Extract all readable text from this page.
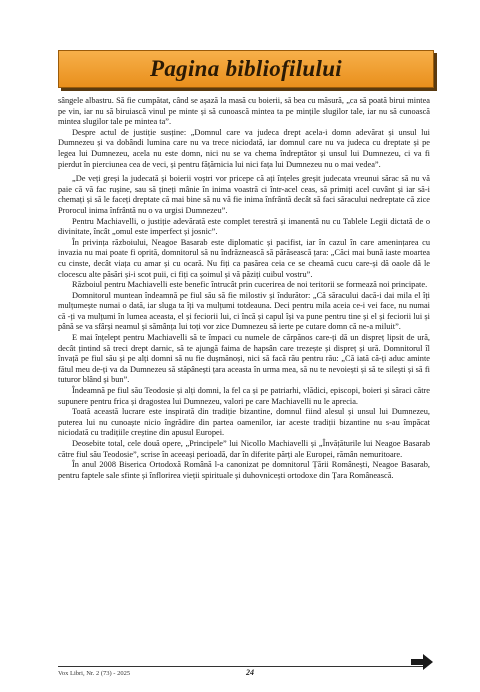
Pagina bibliofilului

sângele albastru. Să fie cumpătat, când se așază la masă cu boierii, să bea cu măsură, „ca să poată birui mintea pe vin, iar nu să biruiască vinul pe minte și să cunoască mintea ta pe mințile slugilor tale, iar nu să cunoască mintea slugilor tale pe mintea ta”.

Despre actul de justiție susține: „Domnul care va judeca drept acela-i domn adevărat și unsul lui Dumnezeu și va dobândi lumina care nu va trece niciodată, iar domnul care nu va judeca cu dreptate și pe legea lui Dumnezeu, acela nu este domn, nici nu se va chema îndreptător și unsul lui Dumnezeu, ci va fi pierdut în pierciunea cea de veci, și pentru fățărnicia lui nici fața lui Dumnezeu nu o mai vedea”.

„De veți greși la judecată și boierii voștri vor pricepe că ați înțeles greșit judecata vreunui sărac să nu vă paie că vă fac rușine, sau să țineți mânie în inima voastră ci într-acel ceas, să primiți acel cuvânt și iar să-i chemați și să le faceți dreptate că mai bine să nu vă fie inima înfrântă decât să faci săracului nedreptate că zice Prorocul inima înfrântă nu o va urgisi Dumnezeu”.

Pentru Machiavelli, o justiție adevărată este complet terestră și imanentă nu cu Tablele Legii dictată de o divinitate, încât „omul este imperfect și josnic”.

În privința războiului, Neagoe Basarab este diplomatic și pacifist, iar în cazul în care amenințarea cu invazia nu mai poate fi oprită, domnitorul să nu îndrăznească să părăsească țara: „Căci mai bună iaste moartea cu cinste, decât viața cu amar și cu ocară. Nu fiți ca pasărea ceia ce se cheamă cucu care-și dă oaole dă le clocescu alte păsări și-i scot puii, ci fiți ca șoimul și vă păziți cuibul vostru”.

Războiul pentru Machiavelli este benefic întrucât prin cucerirea de noi teritorii se formează noi principate.

Domnitorul muntean îndeamnă pe fiul său să fie milostiv și îndurător: „Că săracului dacă-i dai mila el îți mulțumește numai o dată, iar sluga ta îți va mulțumi totdeauna. Deci pentru mila aceia ce-i vei face, nu numai că -ți va mulțumi în lumea aceasta, el și feciorii lui, ci încă și capul își va pune pentru tine și el și feciorii lui și până se va sfârși neamul și sămânța lui toți vor zice Dumnezeu să ierte pe cutare domn că ne-a miluit”.

E mai înțelept pentru Machiavelli să te împaci cu numele de cărpănos care-ți dă un dispreț lipsit de ură, decât țintind să treci drept darnic, să te ajungă faima de hapsân care trezește și dispreț și ură. Domnitorul îl învață pe fiul său și pe alți domni să nu fie dușmănoși, nici să facă rău pentru rău: „Că iată că-ți aduc aminte fătul meu de-ți va da Dumnezeu să stăpânești țara aceasta în urma mea, să nu te nevoiești și să te silești și să fi tuturor blând și bun”.

Îndeamnă pe fiul său Teodosie și alți domni, la fel ca și pe patriarhi, vlădici, episcopi, boieri și săraci către supunere pentru frica și dragostea lui Dumnezeu, valori pe care Machiavelli nu le aprecia.

Toată această lucrare este inspirată din tradiție bizantine, domnul fiind alesul și unsul lui Dumnezeu, puterea lui nu cunoaște nicio îngrădire din partea oamenilor, iar aceste tradiții bizantine nu s-au împăcat niciodată cu tradițiile creștine din apusul Europei.

Deosebite total, cele două opere, „Principele” lui Nicollo Machiavelli și „Învățăturile lui Neagoe Basarab către fiul său Teodosie”, scrise în aceeași perioadă, dar în diferite părți ale Europei, rămân nemuritoare.

În anul 2008 Biserica Ortodoxă Română l-a canonizat pe domnitorul Țării Românești, Neagoe Basarab, pentru faptele sale sfinte și înflorirea vieții spirituale și duhovnicești ortodoxe din Țara Românească.

Vox Libri, Nr. 2 (73) - 2025	24
